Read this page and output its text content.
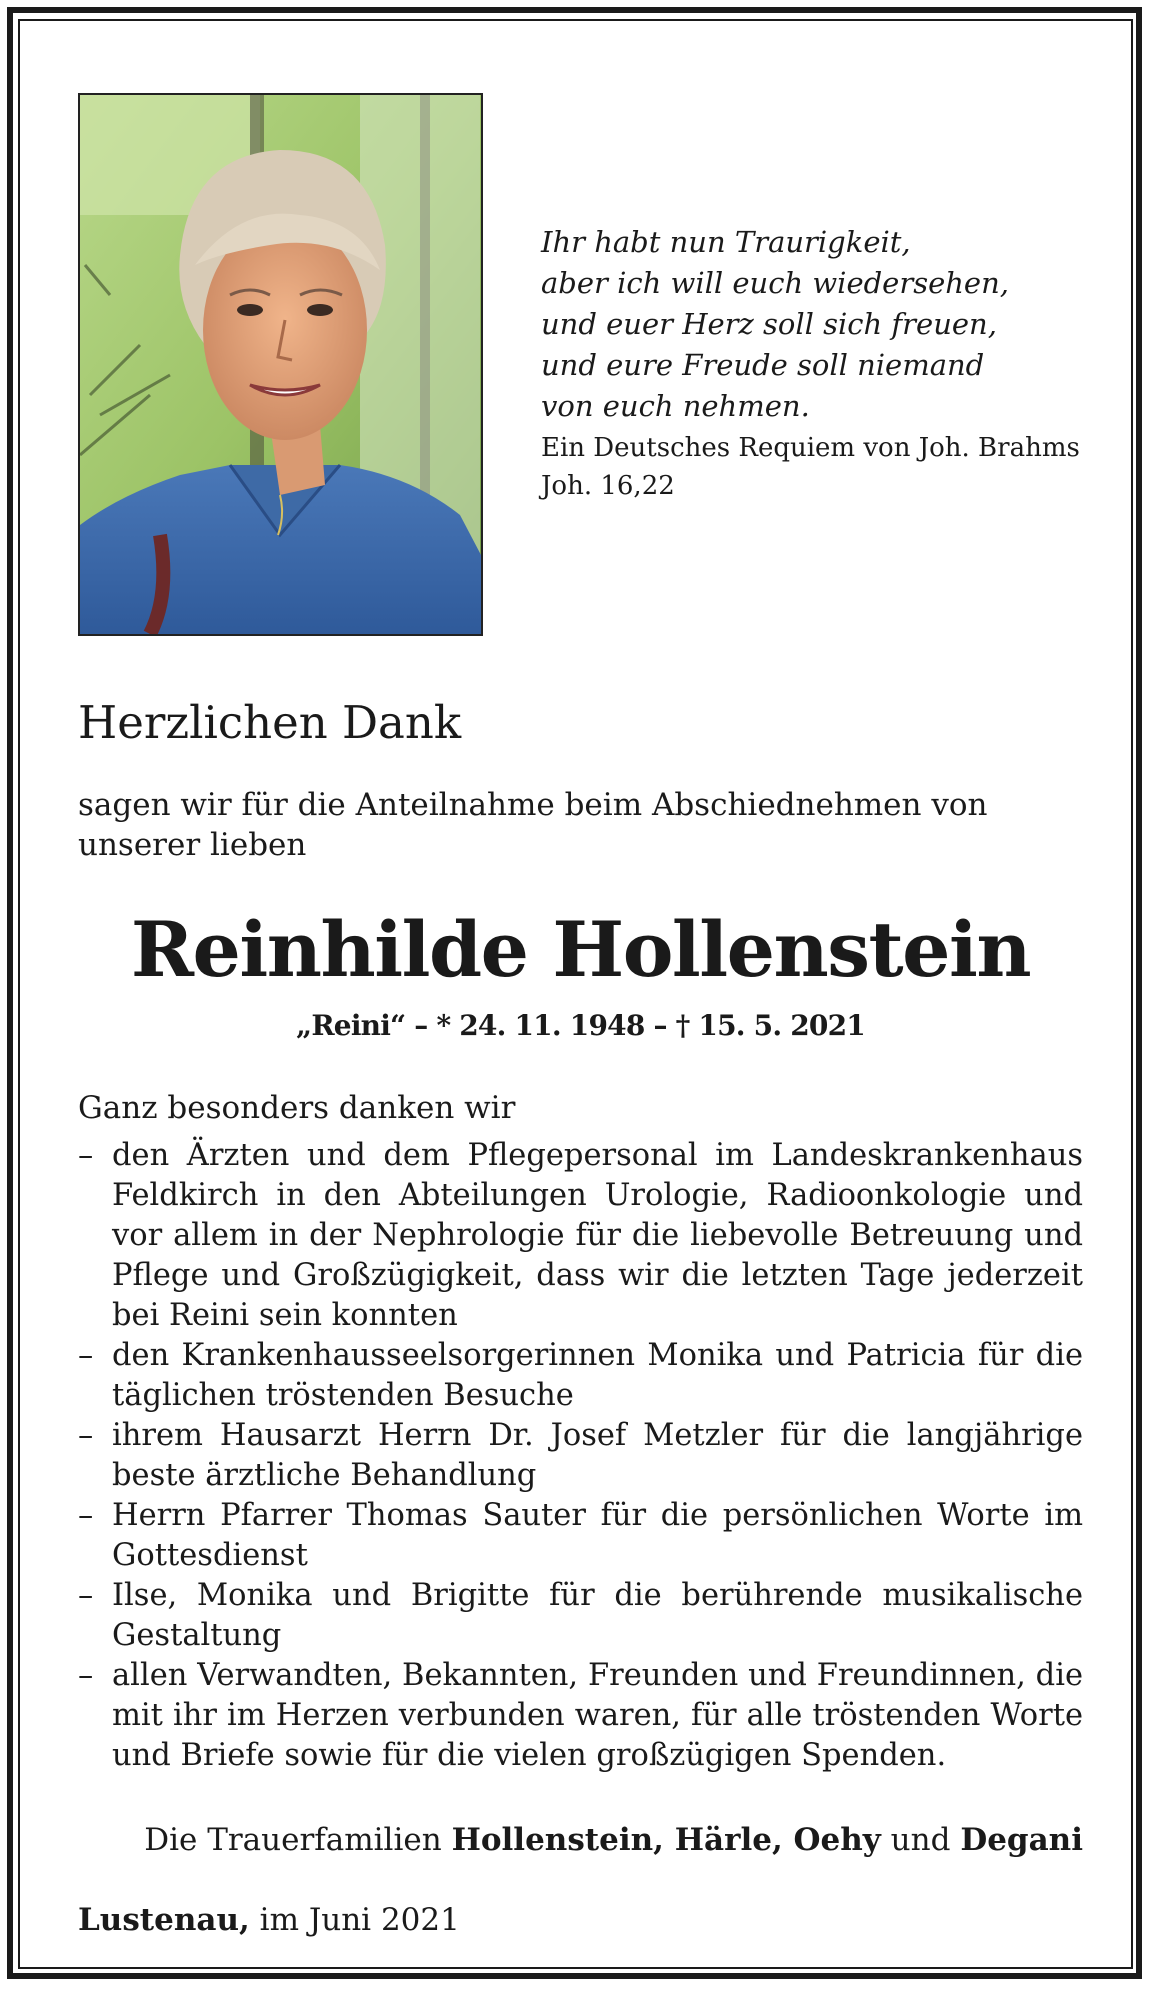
Ihr habt nun Traurigkeit,
aber ich will euch wiedersehen,
und euer Herz soll sich freuen,
und eure Freude soll niemand
von euch nehmen.
Ein Deutsches Requiem von Joh. Brahms
Joh. 16,22
Herzlichen Dank
sagen wir für die Anteilnahme beim Abschiednehmen von unserer lieben
Reinhilde Hollenstein
„Reini“ – * 24. 11. 1948 – † 15. 5. 2021
Ganz besonders danken wir
– den Ärzten und dem Pflegepersonal im Landeskrankenhaus Feldkirch in den Abteilungen Urologie, Radioonkologie und vor allem in der Nephrologie für die liebevolle Betreuung und Pflege und Großzügigkeit, dass wir die letzten Tage jederzeit bei Reini sein konnten
– den Krankenhausseelsorgerinnen Monika und Patricia für die täglichen tröstenden Besuche
– ihrem Hausarzt Herrn Dr. Josef Metzler für die langjährige beste ärztliche Behandlung
– Herrn Pfarrer Thomas Sauter für die persönlichen Worte im Gottesdienst
– Ilse, Monika und Brigitte für die berührende musikalische Gestaltung
– allen Verwandten, Bekannten, Freunden und Freundinnen, die mit ihr im Herzen verbunden waren, für alle tröstenden Worte und Briefe sowie für die vielen großzügigen Spenden.
Die Trauerfamilien Hollenstein, Härle, Oehy und Degani
Lustenau, im Juni 2021
